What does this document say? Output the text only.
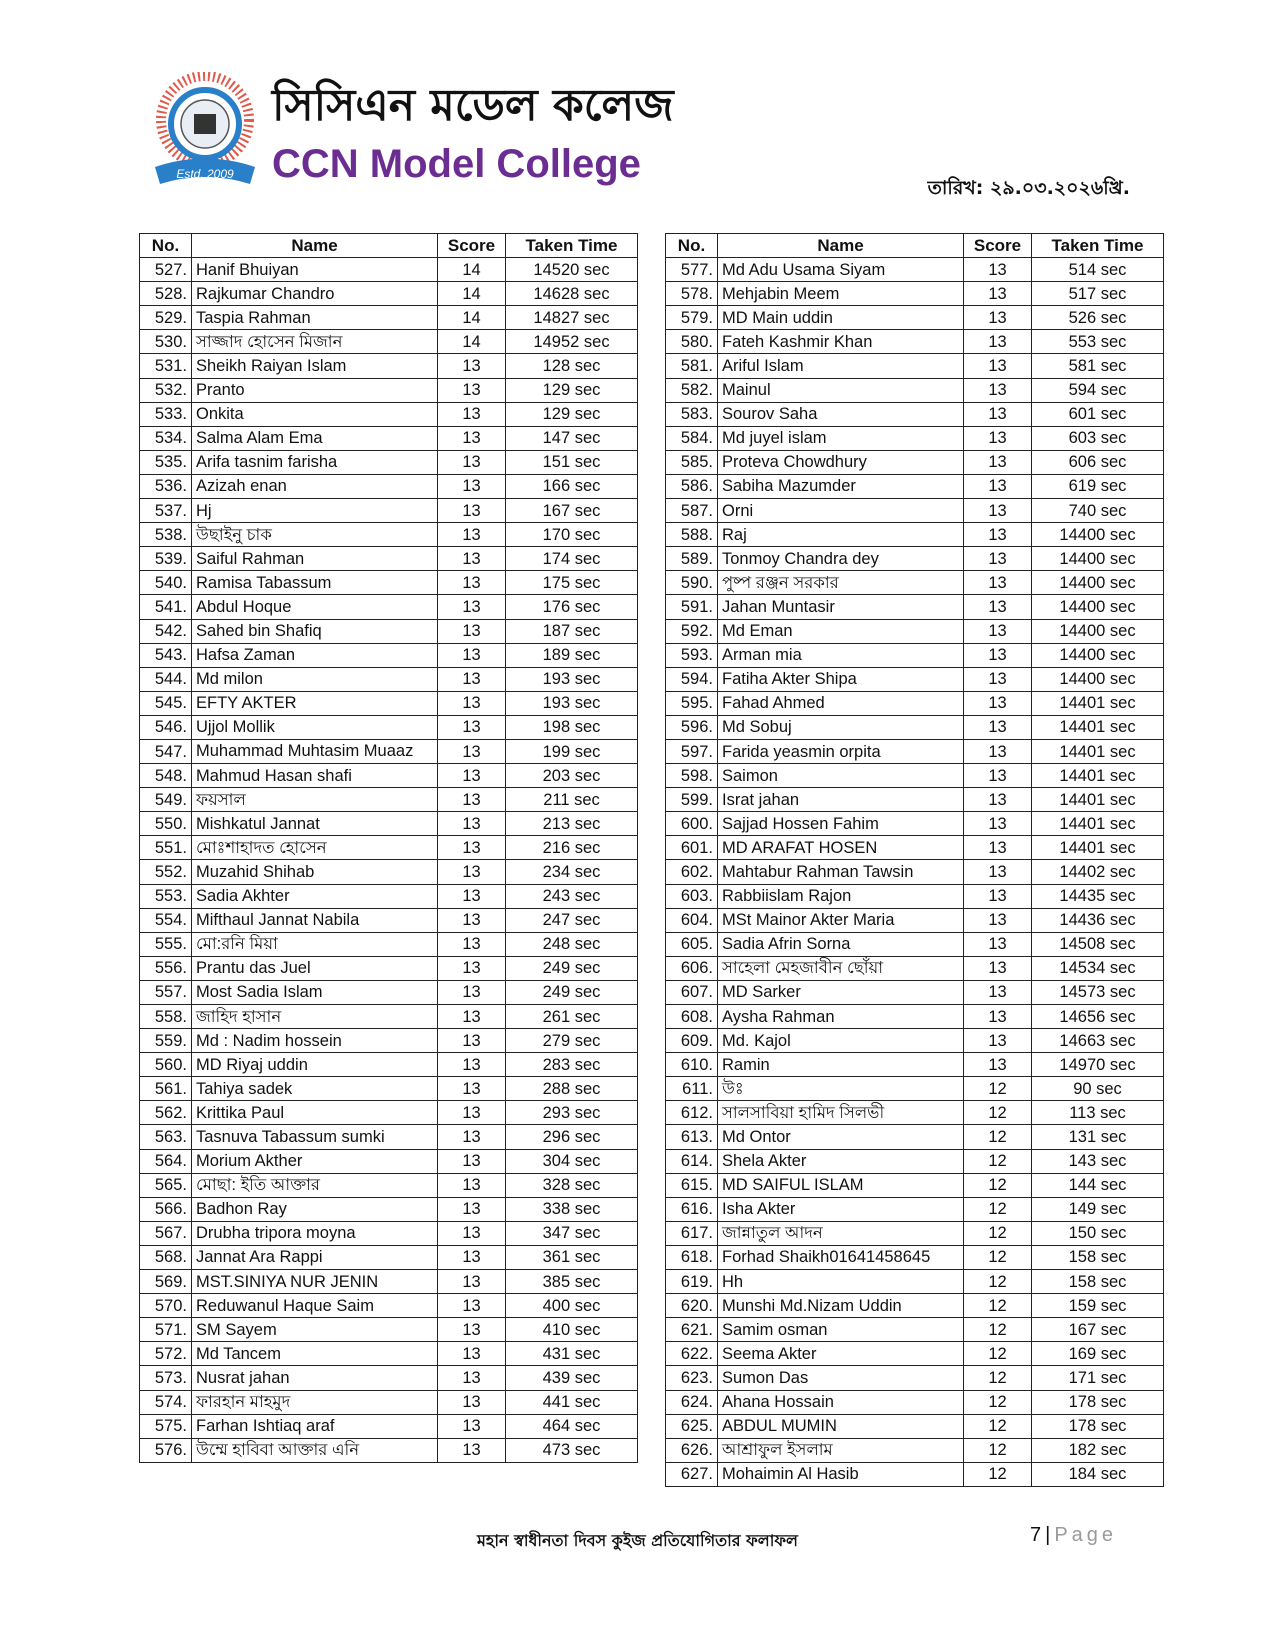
Estd. 2009
সিসিএন মডেল কলেজ
CCN Model College
তারিখ: ২৯.০৩.২০২৬খ্রি.
No.	Name	Score	Taken Time
527.	Hanif Bhuiyan	14	14520 sec
528.	Rajkumar Chandro	14	14628 sec
529.	Taspia Rahman	14	14827 sec
530.	সাজ্জাদ হোসেন মিজান	14	14952 sec
531.	Sheikh Raiyan Islam	13	128 sec
532.	Pranto	13	129 sec
533.	Onkita	13	129 sec
534.	Salma Alam Ema	13	147 sec
535.	Arifa tasnim farisha	13	151 sec
536.	Azizah enan	13	166 sec
537.	Hj	13	167 sec
538.	উছাইনু চাক	13	170 sec
539.	Saiful Rahman	13	174 sec
540.	Ramisa Tabassum	13	175 sec
541.	Abdul Hoque	13	176 sec
542.	Sahed bin Shafiq	13	187 sec
543.	Hafsa Zaman	13	189 sec
544.	Md milon	13	193 sec
545.	EFTY AKTER	13	193 sec
546.	Ujjol Mollik	13	198 sec
547.	Muhammad Muhtasim Muaaz	13	199 sec
548.	Mahmud Hasan shafi	13	203 sec
549.	ফয়সাল	13	211 sec
550.	Mishkatul Jannat	13	213 sec
551.	মোঃশাহাদত হোসেন	13	216 sec
552.	Muzahid Shihab	13	234 sec
553.	Sadia Akhter	13	243 sec
554.	Mifthaul Jannat Nabila	13	247 sec
555.	মো:রনি মিয়া	13	248 sec
556.	Prantu das Juel	13	249 sec
557.	Most Sadia Islam	13	249 sec
558.	জাহিদ হাসান	13	261 sec
559.	Md : Nadim hossein	13	279 sec
560.	MD Riyaj uddin	13	283 sec
561.	Tahiya sadek	13	288 sec
562.	Krittika Paul	13	293 sec
563.	Tasnuva Tabassum sumki	13	296 sec
564.	Morium Akther	13	304 sec
565.	মোছা: ইতি আক্তার	13	328 sec
566.	Badhon Ray	13	338 sec
567.	Drubha tripora moyna	13	347 sec
568.	Jannat Ara Rappi	13	361 sec
569.	MST.SINIYA NUR JENIN	13	385 sec
570.	Reduwanul Haque Saim	13	400 sec
571.	SM Sayem	13	410 sec
572.	Md Tancem	13	431 sec
573.	Nusrat jahan	13	439 sec
574.	ফারহান মাহমুদ	13	441 sec
575.	Farhan Ishtiaq araf	13	464 sec
576.	উম্মে হাবিবা আক্তার এনি	13	473 sec
No.	Name	Score	Taken Time
577.	Md Adu Usama Siyam	13	514 sec
578.	Mehjabin Meem	13	517 sec
579.	MD Main uddin	13	526 sec
580.	Fateh Kashmir Khan	13	553 sec
581.	Ariful Islam	13	581 sec
582.	Mainul	13	594 sec
583.	Sourov Saha	13	601 sec
584.	Md juyel islam	13	603 sec
585.	Proteva Chowdhury	13	606 sec
586.	Sabiha Mazumder	13	619 sec
587.	Orni	13	740 sec
588.	Raj	13	14400 sec
589.	Tonmoy Chandra dey	13	14400 sec
590.	পুষ্প রঞ্জন সরকার	13	14400 sec
591.	Jahan Muntasir	13	14400 sec
592.	Md Eman	13	14400 sec
593.	Arman mia	13	14400 sec
594.	Fatiha Akter Shipa	13	14400 sec
595.	Fahad Ahmed	13	14401 sec
596.	Md Sobuj	13	14401 sec
597.	Farida yeasmin orpita	13	14401 sec
598.	Saimon	13	14401 sec
599.	Israt jahan	13	14401 sec
600.	Sajjad Hossen Fahim	13	14401 sec
601.	MD ARAFAT HOSEN	13	14401 sec
602.	Mahtabur Rahman Tawsin	13	14402 sec
603.	Rabbiislam Rajon	13	14435 sec
604.	MSt Mainor Akter Maria	13	14436 sec
605.	Sadia Afrin Sorna	13	14508 sec
606.	সাহেলা মেহজাবীন ছোঁয়া	13	14534 sec
607.	MD Sarker	13	14573 sec
608.	Aysha Rahman	13	14656 sec
609.	Md. Kajol	13	14663 sec
610.	Ramin	13	14970 sec
611.	উঃ	12	90 sec
612.	সালসাবিয়া হামিদ সিলভী	12	113 sec
613.	Md Ontor	12	131 sec
614.	Shela Akter	12	143 sec
615.	MD SAIFUL ISLAM	12	144 sec
616.	Isha Akter	12	149 sec
617.	জান্নাতুল আদন	12	150 sec
618.	Forhad Shaikh01641458645	12	158 sec
619.	Hh	12	158 sec
620.	Munshi Md.Nizam Uddin	12	159 sec
621.	Samim osman	12	167 sec
622.	Seema Akter	12	169 sec
623.	Sumon Das	12	171 sec
624.	Ahana Hossain	12	178 sec
625.	ABDUL MUMIN	12	178 sec
626.	আশ্রাফুল ইসলাম	12	182 sec
627.	Mohaimin Al Hasib	12	184 sec
মহান স্বাধীনতা দিবস কুইজ প্রতিযোগিতার ফলাফল	7 | Page
